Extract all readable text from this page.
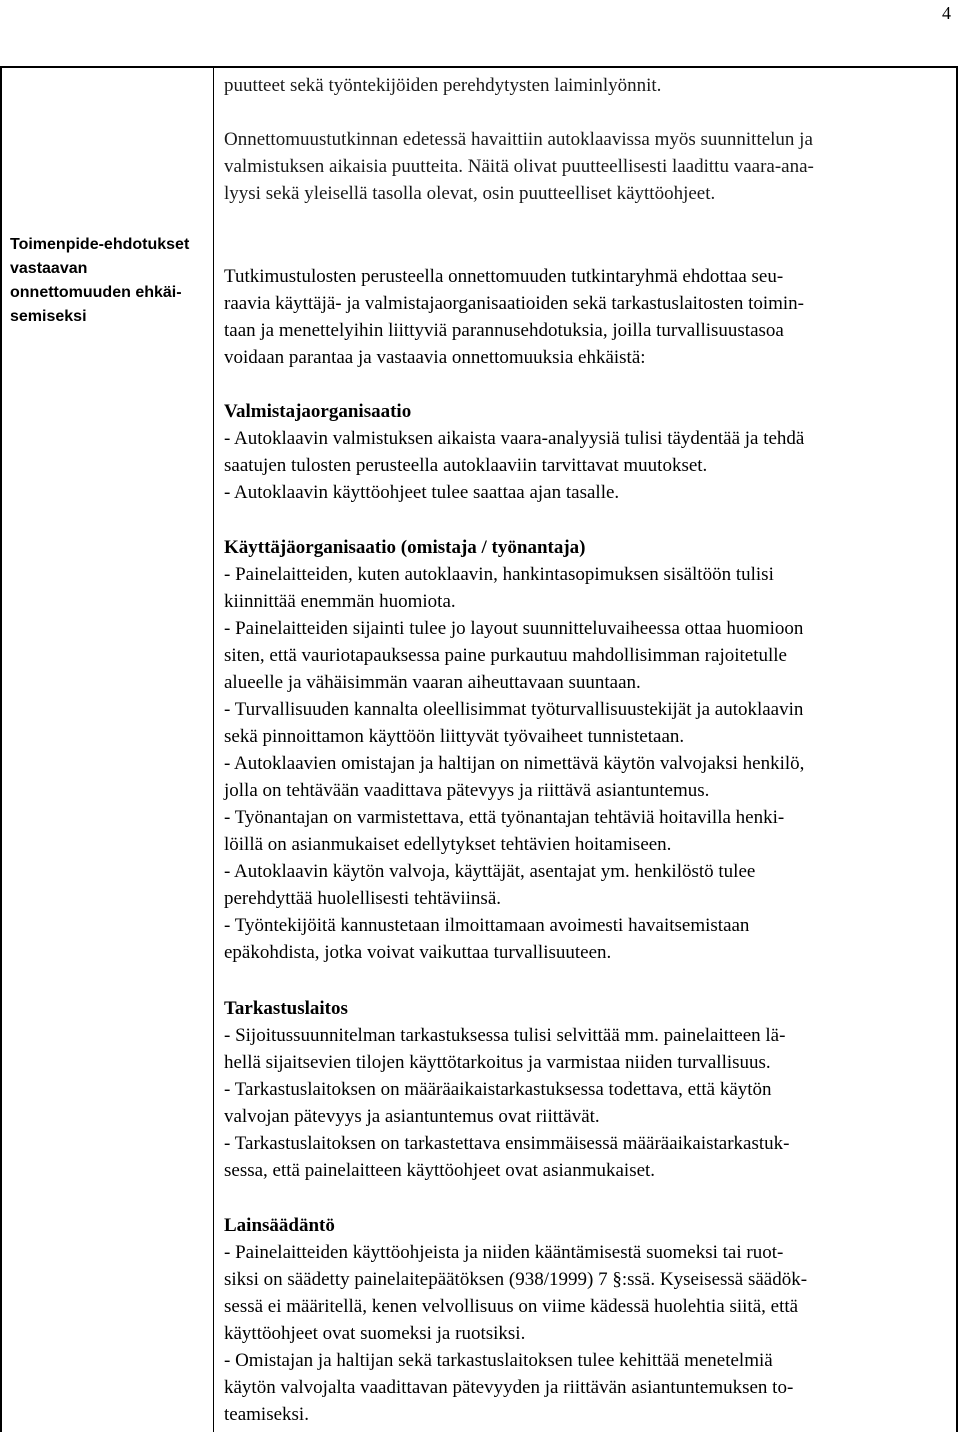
4
Toimenpide-ehdotukset
vastaavan
onnettomuuden ehkäi-
semiseksi

puutteet sekä työntekijöiden perehdytysten laiminlyönnit.

Onnettomuustutkinnan edetessä havaittiin autoklaavissa myös suunnittelun ja
valmistuksen aikaisia puutteita. Näitä olivat puutteellisesti laadittu vaara-ana-
lyysi sekä yleisellä tasolla olevat, osin puutteelliset käyttöohjeet.
Tutkimustulosten perusteella onnettomuuden tutkintaryhmä ehdottaa seu-
raavia käyttäjä- ja valmistajaorganisaatioiden sekä tarkastuslaitosten toimin-
taan ja menettelyihin liittyviä parannusehdotuksia, joilla turvallisuustasoa
voidaan parantaa ja vastaavia onnettomuuksia ehkäistä:
Valmistajaorganisaatio
- Autoklaavin valmistuksen aikaista vaara-analyysiä tulisi täydentää ja tehdä
saatujen tulosten perusteella autoklaaviin tarvittavat muutokset.
- Autoklaavin käyttöohjeet tulee saattaa ajan tasalle.
Käyttäjäorganisaatio (omistaja / työnantaja)
- Painelaitteiden, kuten autoklaavin, hankintasopimuksen sisältöön tulisi
kiinnittää enemmän huomiota.
- Painelaitteiden sijainti tulee jo layout suunnitteluvaiheessa ottaa huomioon
siten, että vauriotapauksessa paine purkautuu mahdollisimman rajoitetulle
alueelle ja vähäisimmän vaaran aiheuttavaan suuntaan.
- Turvallisuuden kannalta oleellisimmat työturvallisuustekijät ja autoklaavin
sekä pinnoittamon käyttöön liittyvät työvaiheet tunnistetaan.
- Autoklaavien omistajan ja haltijan on nimettävä käytön valvojaksi henkilö,
jolla on tehtävään vaadittava pätevyys ja riittävä asiantuntemus.
- Työnantajan on varmistettava, että työnantajan tehtäviä hoitavilla henki-
löillä on asianmukaiset edellytykset tehtävien hoitamiseen.
- Autoklaavin käytön valvoja, käyttäjät, asentajat ym. henkilöstö tulee
perehdyttää huolellisesti tehtäviinsä.
- Työntekijöitä kannustetaan ilmoittamaan avoimesti havaitsemistaan
epäkohdista, jotka voivat vaikuttaa turvallisuuteen.
Tarkastuslaitos
- Sijoitussuunnitelman tarkastuksessa tulisi selvittää mm. painelaitteen lä-
hellä sijaitsevien tilojen käyttötarkoitus ja varmistaa niiden turvallisuus.
- Tarkastuslaitoksen on määräaikaistarkastuksessa todettava, että käytön
valvojan pätevyys ja asiantuntemus ovat riittävät.
- Tarkastuslaitoksen on tarkastettava ensimmäisessä määräaikaistarkastuk-
sessa, että painelaitteen käyttöohjeet ovat asianmukaiset.
Lainsäädäntö
- Painelaitteiden käyttöohjeista ja niiden kääntämisestä suomeksi tai ruot-
siksi on säädetty painelaitepäätöksen (938/1999) 7 §:ssä. Kyseisessä säädök-
sessä ei määritellä, kenen velvollisuus on viime kädessä huolehtia siitä, että
käyttöohjeet ovat suomeksi ja ruotsiksi.
- Omistajan ja haltijan sekä tarkastuslaitoksen tulee kehittää menetelmiä
käytön valvojalta vaadittavan pätevyyden ja riittävän asiantuntemuksen to-
teamiseksi.
